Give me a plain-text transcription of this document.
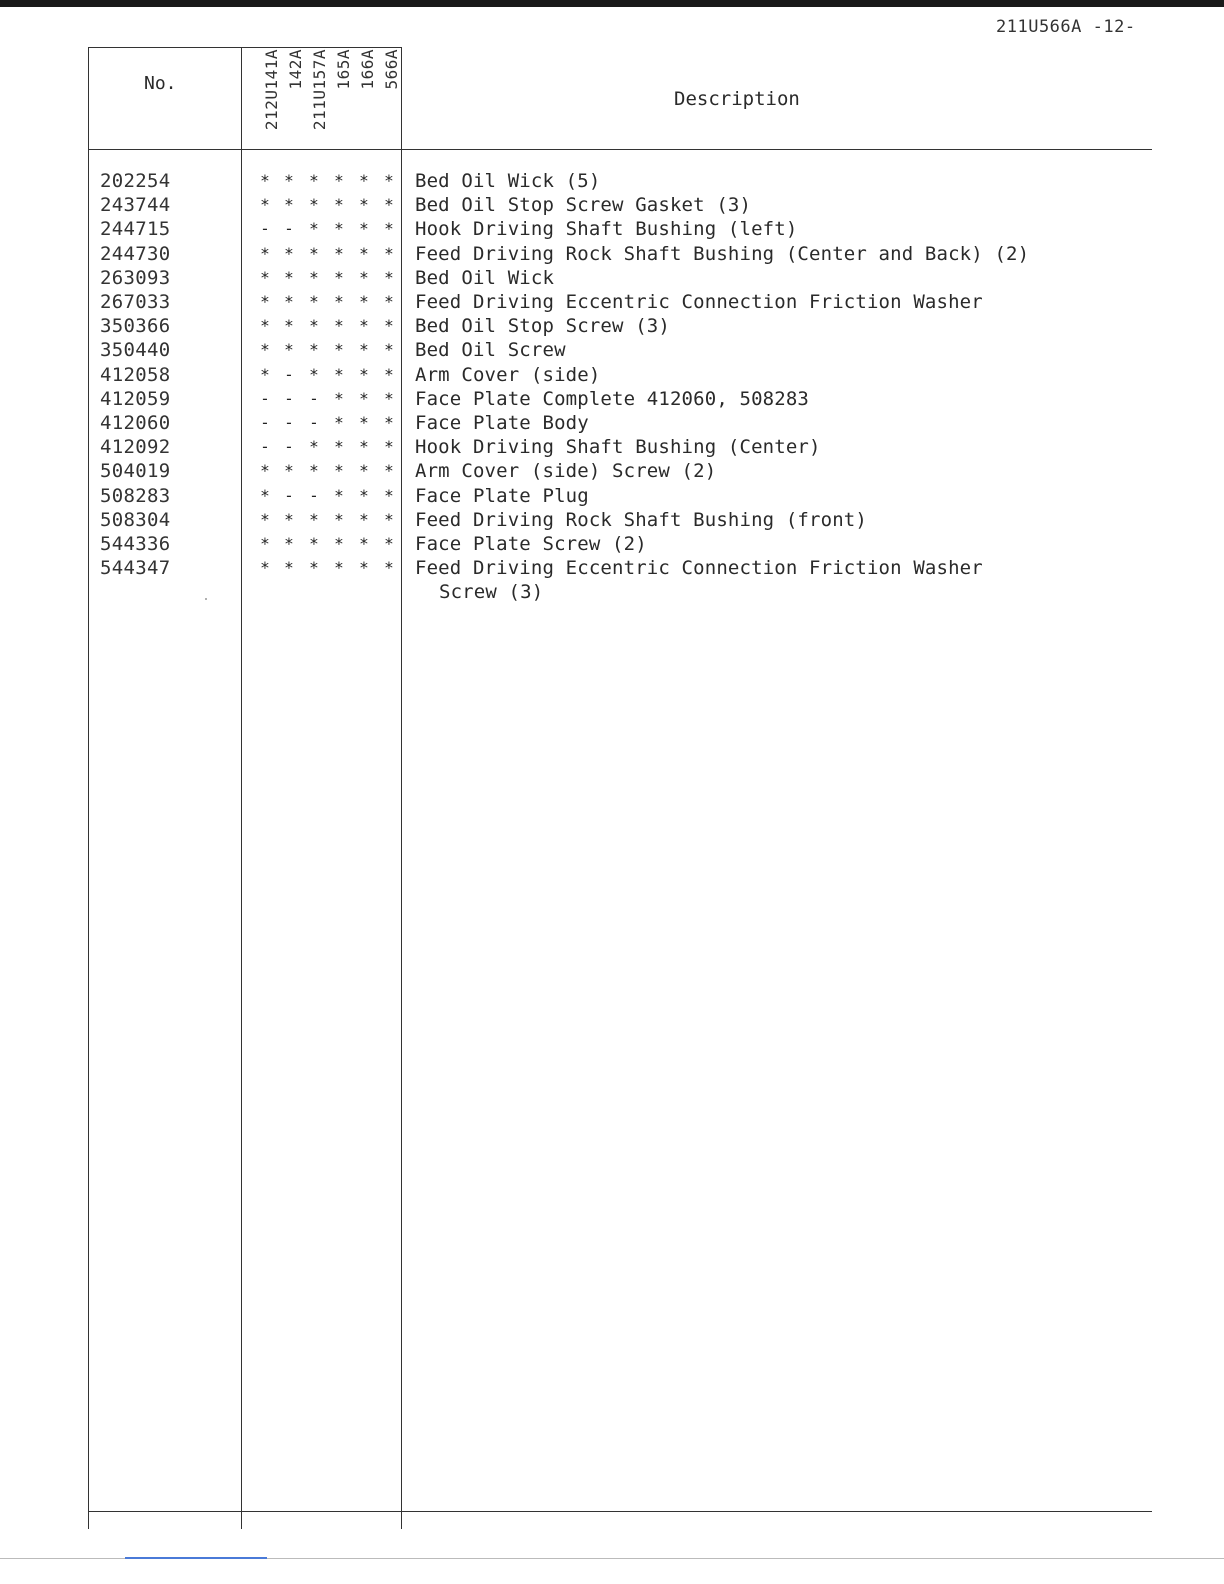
211U566A -12-
No.	212U141A 142A 211U157A 165A 166A 566A
Description
202254	* * * * * *	Bed Oil Wick (5)
243744	* * * * * *	Bed Oil Stop Screw Gasket (3)
244715	- - * * * *	Hook Driving Shaft Bushing (left)
244730	* * * * * *	Feed Driving Rock Shaft Bushing (Center and Back) (2)
263093	* * * * * *	Bed Oil Wick
267033	* * * * * *	Feed Driving Eccentric Connection Friction Washer
350366	* * * * * *	Bed Oil Stop Screw (3)
350440	* * * * * *	Bed Oil Screw
412058	* - * * * *	Arm Cover (side)
412059	- - - * * *	Face Plate Complete 412060, 508283
412060	- - - * * *	Face Plate Body
412092	- - * * * *	Hook Driving Shaft Bushing (Center)
504019	* * * * * *	Arm Cover (side) Screw (2)
508283	* - - * * *	Face Plate Plug
508304	* * * * * *	Feed Driving Rock Shaft Bushing (front)
544336	* * * * * *	Face Plate Screw (2)
544347	* * * * * *	Feed Driving Eccentric Connection Friction Washer
Screw (3)
